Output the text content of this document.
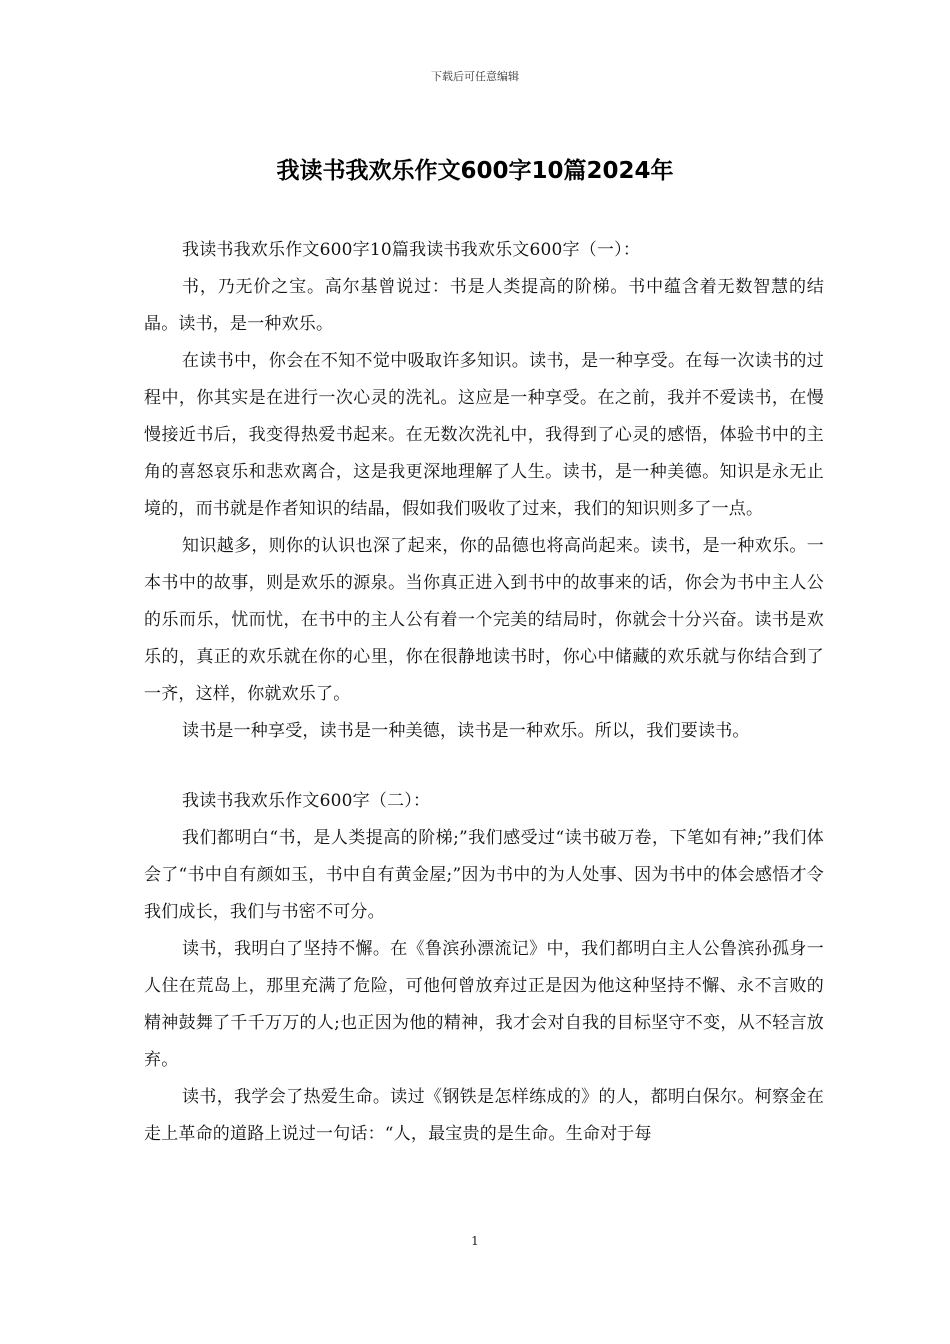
下载后可任意编辑
我读书我欢乐作文600字10篇2024年

我读书我欢乐作文600字10篇我读书我欢乐文600字（一）：

书，乃无价之宝。高尔基曾说过：书是人类提高的阶梯。书中蕴含着无数智慧的结晶。读书，是一种欢乐。

在读书中，你会在不知不觉中吸取许多知识。读书，是一种享受。在每一次读书的过程中，你其实是在进行一次心灵的洗礼。这应是一种享受。在之前，我并不爱读书，在慢慢接近书后，我变得热爱书起来。在无数次洗礼中，我得到了心灵的感悟，体验书中的主角的喜怒哀乐和悲欢离合，这是我更深地理解了人生。读书，是一种美德。知识是永无止境的，而书就是作者知识的结晶，假如我们吸收了过来，我们的知识则多了一点。

知识越多，则你的认识也深了起来，你的品德也将高尚起来。读书，是一种欢乐。一本书中的故事，则是欢乐的源泉。当你真正进入到书中的故事来的话，你会为书中主人公的乐而乐，忧而忧，在书中的主人公有着一个完美的结局时，你就会十分兴奋。读书是欢乐的，真正的欢乐就在你的心里，你在很静地读书时，你心中储藏的欢乐就与你结合到了一齐，这样，你就欢乐了。

读书是一种享受，读书是一种美德，读书是一种欢乐。所以，我们要读书。

我读书我欢乐作文600字（二）：

我们都明白“书，是人类提高的阶梯;”我们感受过“读书破万卷，下笔如有神;”我们体会了“书中自有颜如玉，书中自有黄金屋;”因为书中的为人处事、因为书中的体会感悟才令我们成长，我们与书密不可分。

读书，我明白了坚持不懈。在《鲁滨孙漂流记》中，我们都明白主人公鲁滨孙孤身一人住在荒岛上，那里充满了危险，可他何曾放弃过正是因为他这种坚持不懈、永不言败的精神鼓舞了千千万万的人;也正因为他的精神，我才会对自我的目标坚守不变，从不轻言放弃。

读书，我学会了热爱生命。读过《钢铁是怎样练成的》的人，都明白保尔。柯察金在走上革命的道路上说过一句话：“人，最宝贵的是生命。生命对于每

1
